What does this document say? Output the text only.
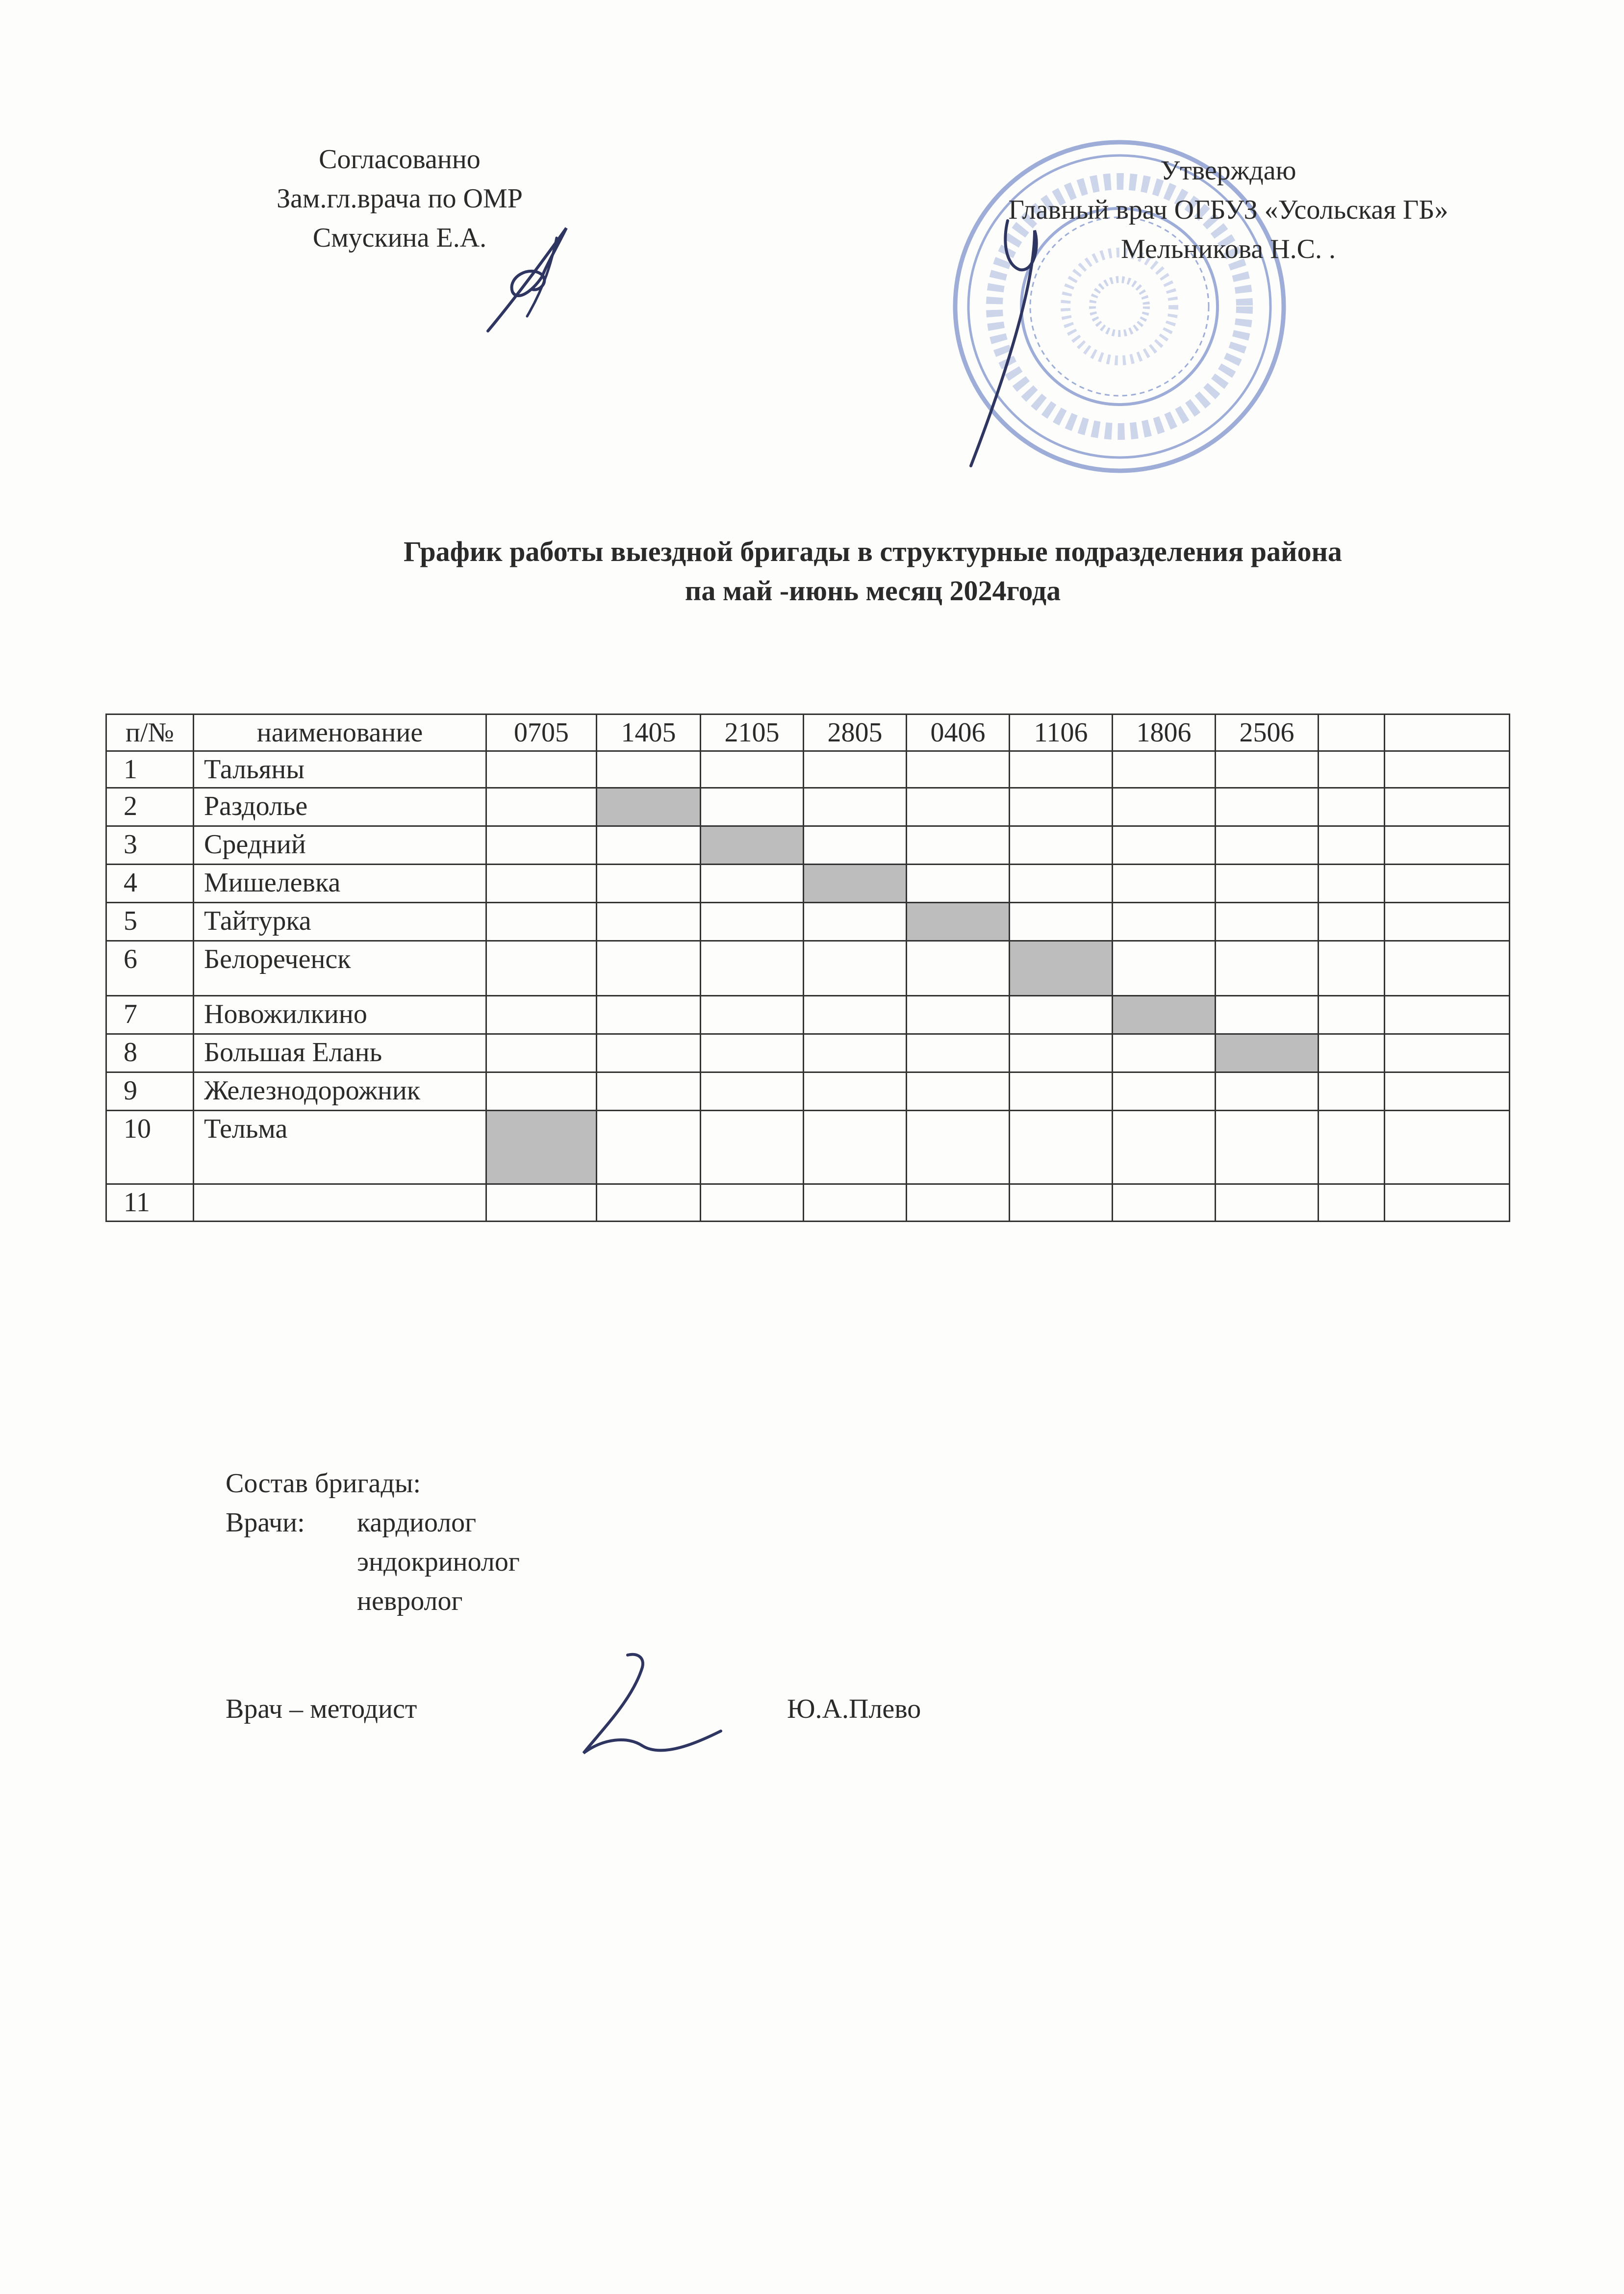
Согласованно
Зам.гл.врача по ОМР
Смускина Е.А.
Утверждаю
Главный врач ОГБУЗ «Усольская ГБ»
Мельникова Н.С. .
График работы выездной бригады в структурные подразделения района
па май -июнь месяц 2024года
п/№	наименование	0705	1405	2105	2805	0406	1106	1806	2506		
1	Тальяны										
2	Раздолье										
3	Средний										
4	Мишелевка										
5	Тайтурка										
6	Белореченск										
7	Новожилкино										
8	Большая Елань										
9	Железнодорожник										
10	Тельма										
11											
Состав бригады:
Врачи: кардиолог
эндокринолог
невролог
Врач – методист	Ю.А.Плево
